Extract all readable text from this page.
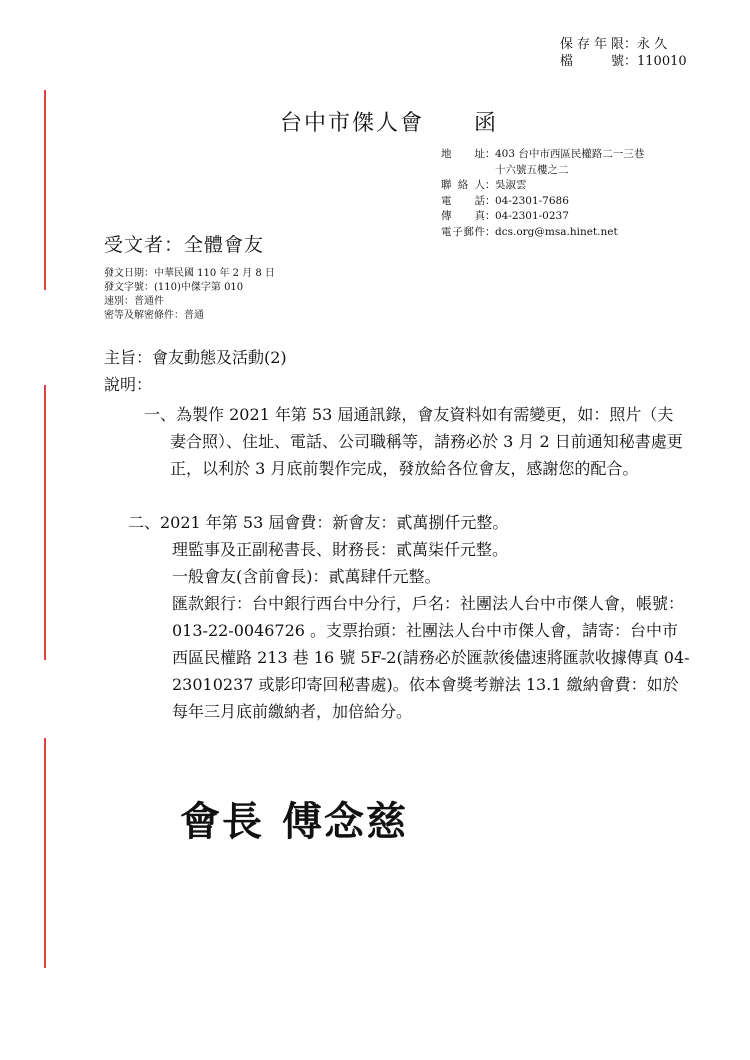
保存年限 ： 永 久
檔　號 ： 110010
台中市傑人會 函
地　　址 ： 403 台中市西區民權路二一三巷
十六號五樓之二
聯 絡 人 ： 吳淑雲
電　　話 ： 04-2301-7686
傳　　真 ： 04-2301-0237
電子郵件 ： dcs.org@msa.hinet.net
受文者：全體會友
發文日期：中華民國 110 年 2 月 8 日
發文字號：(110)中傑字第 010
速別：普通件
密等及解密條件：普通
主旨：會友動態及活動(2)
說明：
一、為製作 2021 年第 53 屆通訊錄，會友資料如有需變更，如：照片（夫妻合照）、住址、電話、公司職稱等，請務必於 3 月 2 日前通知秘書處更正，以利於 3 月底前製作完成，發放給各位會友，感謝您的配合。
二、2021 年第 53 屆會費：新會友：貳萬捌仟元整。
理監事及正副秘書長、財務長：貳萬柒仟元整。
一般會友(含前會長)：貳萬肆仟元整。
匯款銀行：台中銀行西台中分行，戶名：社團法人台中市傑人會，帳號：013-22-0046726 。支票抬頭：社團法人台中市傑人會，請寄：台中市西區民權路 213 巷 16 號 5F-2(請務必於匯款後儘速將匯款收據傳真 04-23010237 或影印寄回秘書處)。依本會獎考辦法 13.1 繳納會費：如於每年三月底前繳納者，加倍給分。
會長 傅念慈
